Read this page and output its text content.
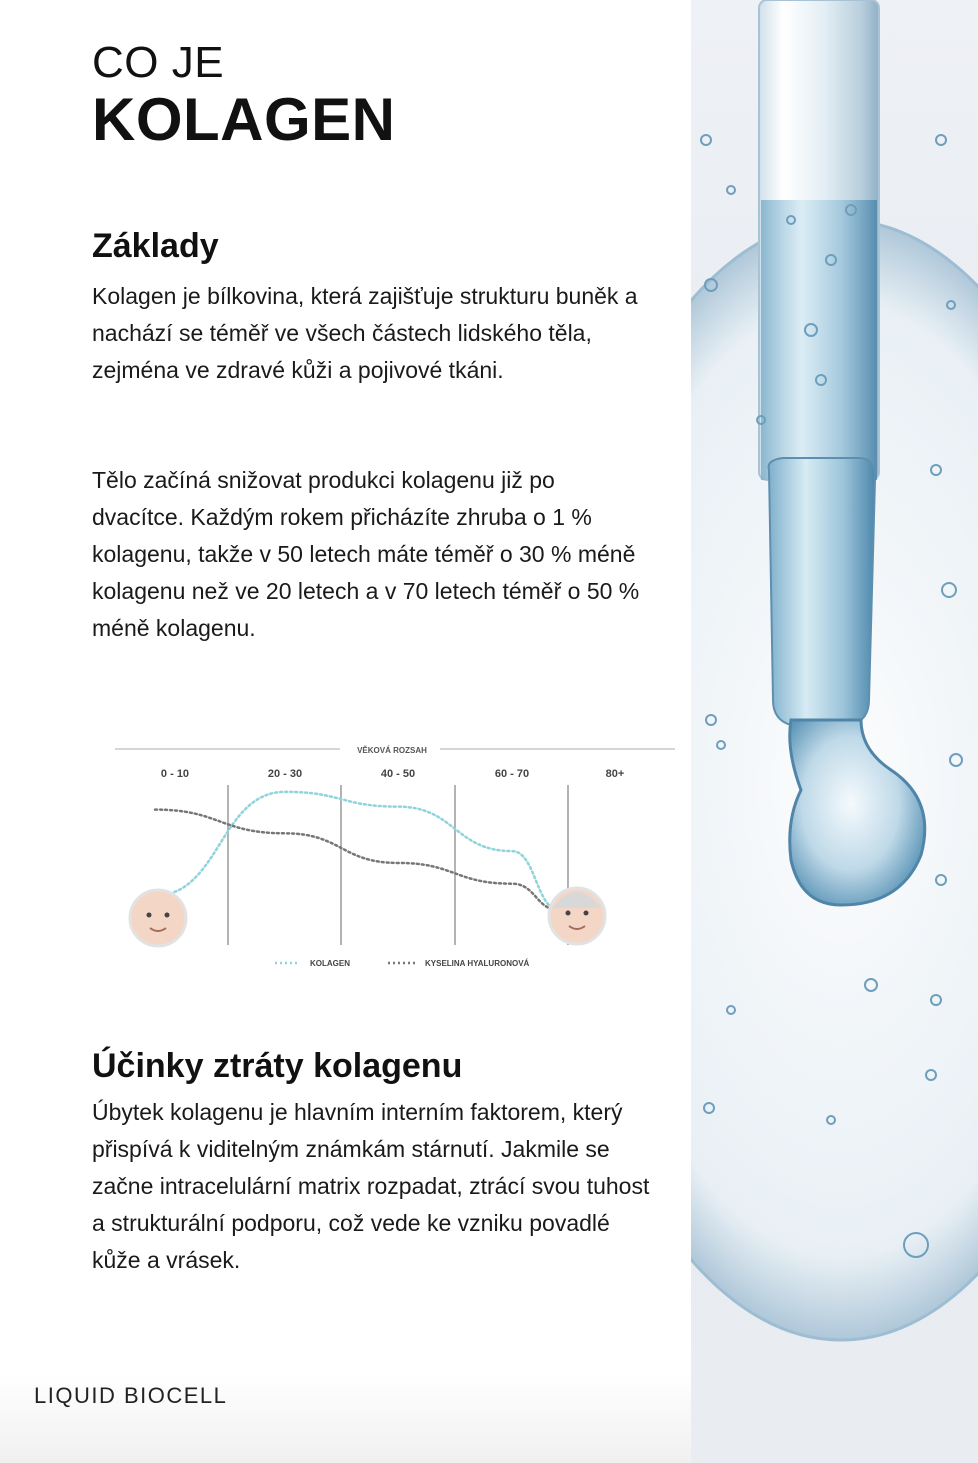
CO JE
KOLAGEN
Základy

Kolagen je bílkovina, která zajišťuje strukturu buněk a nachází se téměř ve všech částech lidského těla, zejména ve zdravé kůži a pojivové tkáni.

Tělo začíná snižovat produkci kolagenu již po dvacítce. Každým rokem přicházíte zhruba o 1 % kolagenu, takže v 50 letech máte téměř o 30 % méně kolagenu než ve 20 letech a v 70 letech téměř o 50 % méně kolagenu.

VĚKOVÁ ROZSAH
0 - 10	20 - 30	40 - 50	60 - 70	80+
KOLAGEN	KYSELINA HYALURONOVÁ
Účinky ztráty kolagenu

Úbytek kolagenu je hlavním interním faktorem, který přispívá k viditelným známkám stárnutí. Jakmile se začne intracelulární matrix rozpadat, ztrácí svou tuhost a strukturální podporu, což vede ke vzniku povadlé kůže a vrásek.

LIQUID BIOCELL
